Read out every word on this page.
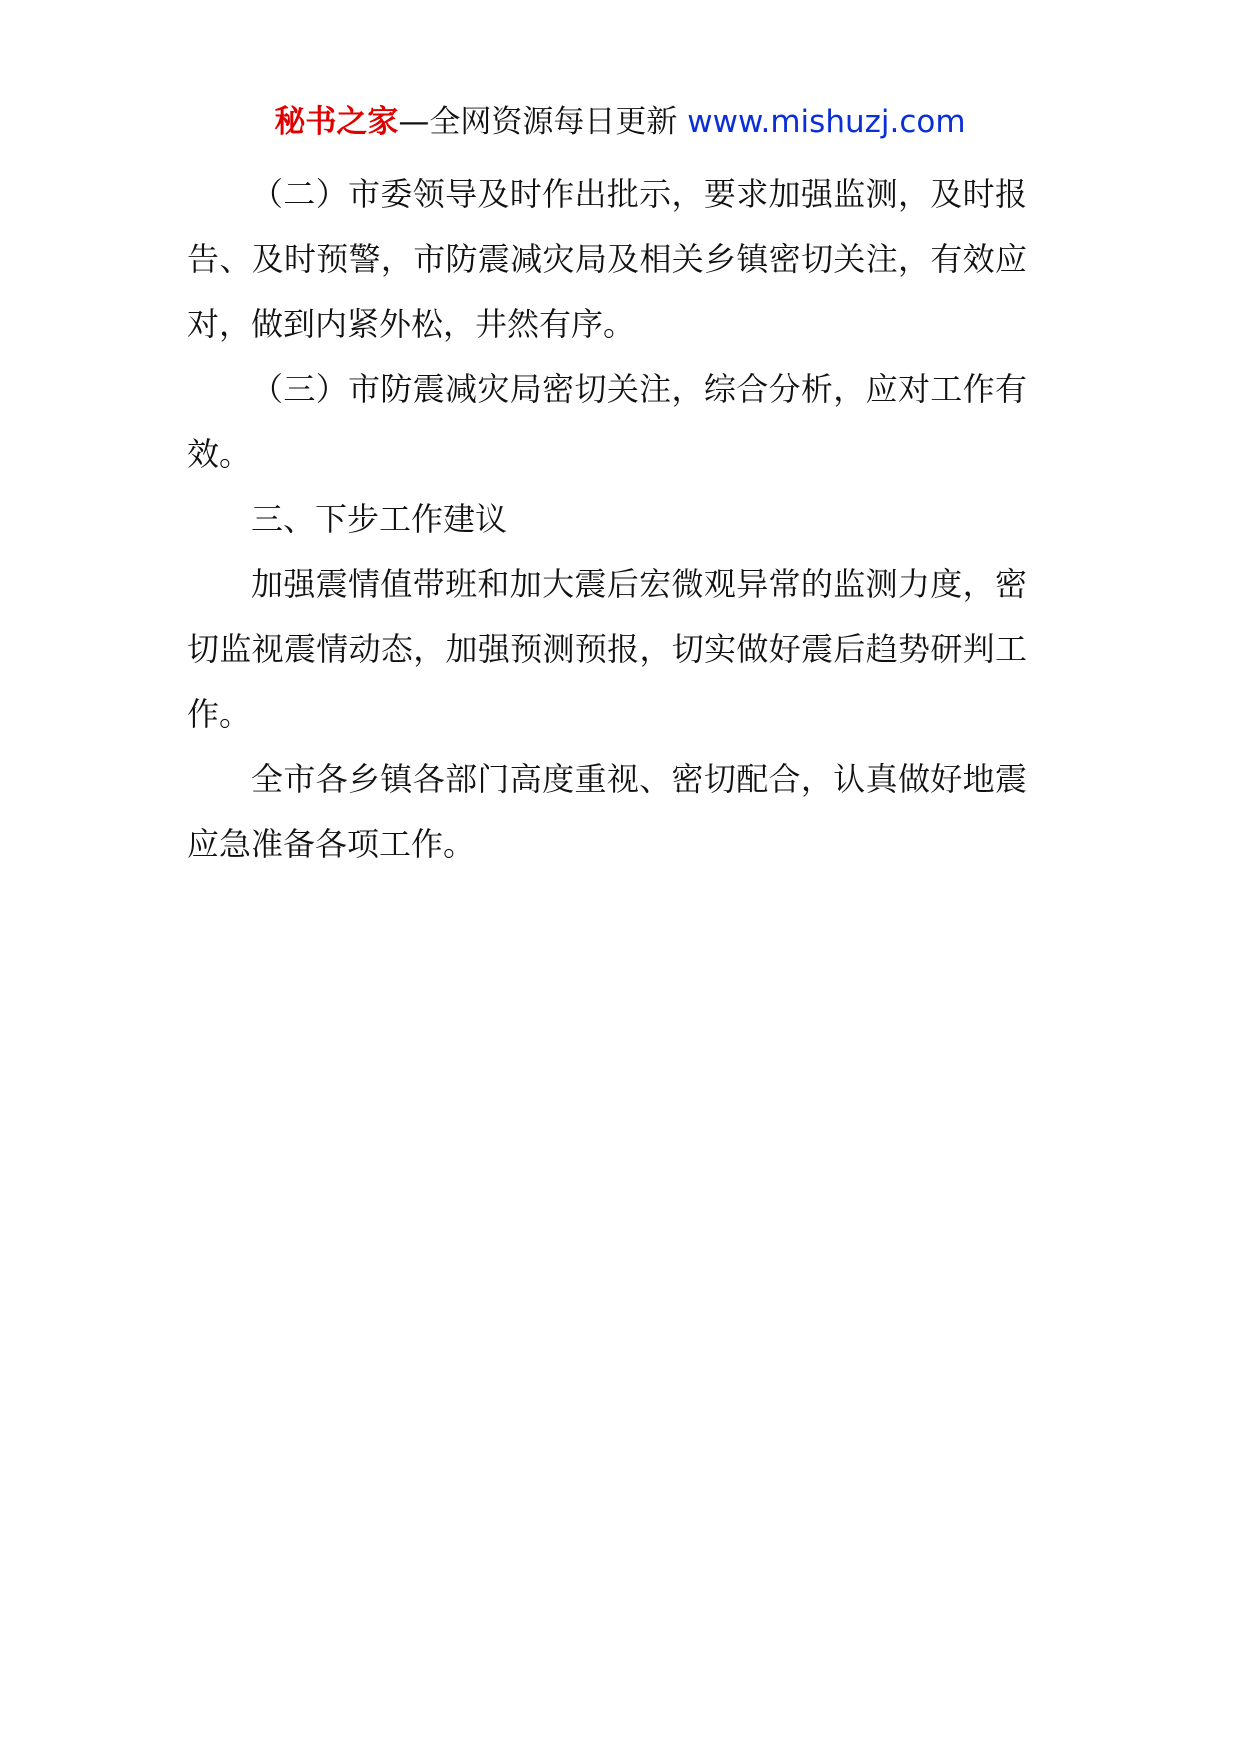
秘书之家—全网资源每日更新 www.mishuzj.com

（二）市委领导及时作出批示，要求加强监测，及时报告、及时预警，市防震减灾局及相关乡镇密切关注，有效应对，做到内紧外松，井然有序。

（三）市防震减灾局密切关注，综合分析，应对工作有效。

三、下步工作建议

加强震情值带班和加大震后宏微观异常的监测力度，密切监视震情动态，加强预测预报，切实做好震后趋势研判工作。

全市各乡镇各部门高度重视、密切配合，认真做好地震应急准备各项工作。
